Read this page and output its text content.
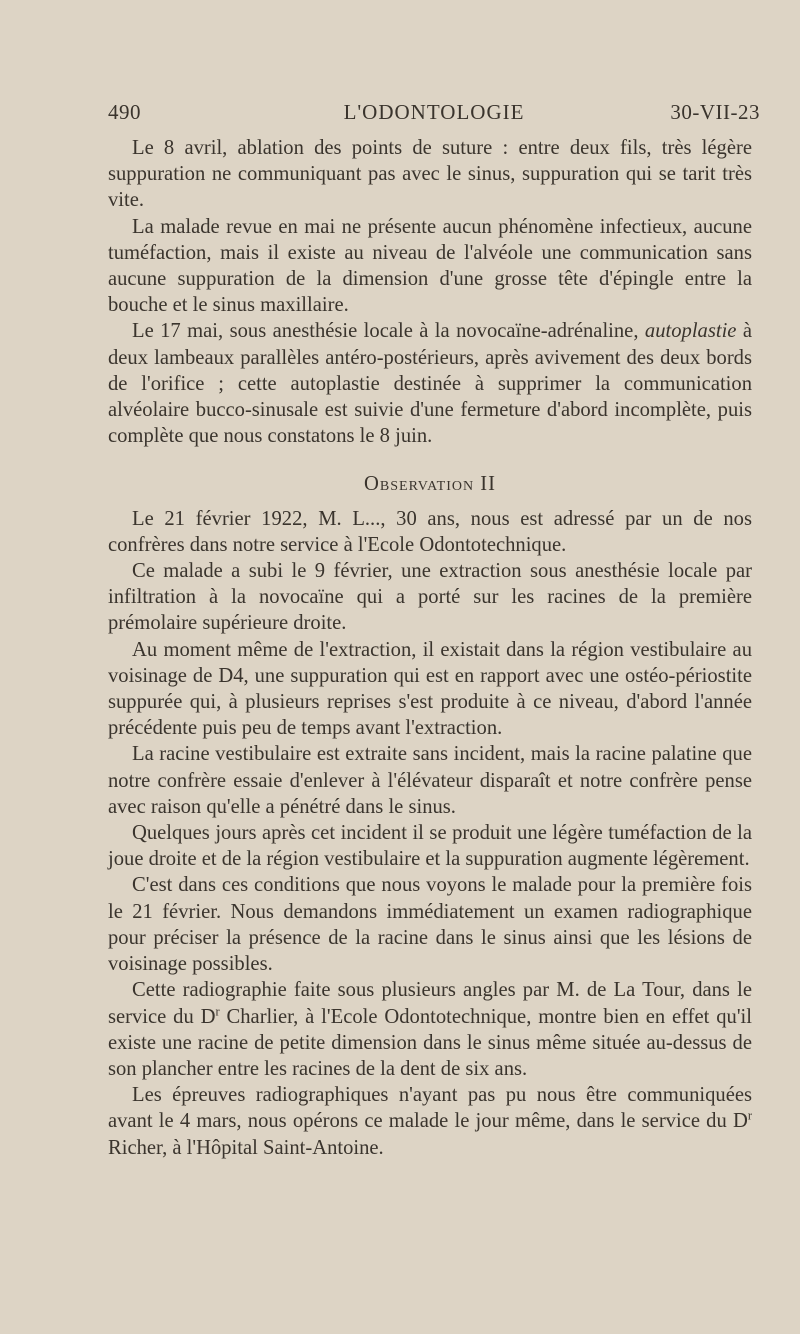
490	L'ODONTOLOGIE	30-VII-23

Le 8 avril, ablation des points de suture : entre deux fils, très légère suppuration ne communiquant pas avec le sinus, suppuration qui se tarit très vite.

La malade revue en mai ne présente aucun phénomène infectieux, aucune tuméfaction, mais il existe au niveau de l'alvéole une communication sans aucune suppuration de la dimension d'une grosse tête d'épingle entre la bouche et le sinus maxillaire.

Le 17 mai, sous anesthésie locale à la novocaïne-adrénaline, autoplastie à deux lambeaux parallèles antéro-postérieurs, après avivement des deux bords de l'orifice ; cette autoplastie destinée à supprimer la communication alvéolaire bucco-sinusale est suivie d'une fermeture d'abord incomplète, puis complète que nous constatons le 8 juin.

Observation II

Le 21 février 1922, M. L..., 30 ans, nous est adressé par un de nos confrères dans notre service à l'Ecole Odontotechnique.

Ce malade a subi le 9 février, une extraction sous anesthésie locale par infiltration à la novocaïne qui a porté sur les racines de la première prémolaire supérieure droite.

Au moment même de l'extraction, il existait dans la région vestibulaire au voisinage de D4, une suppuration qui est en rapport avec une ostéo-périostite suppurée qui, à plusieurs reprises s'est produite à ce niveau, d'abord l'année précédente puis peu de temps avant l'extraction.

La racine vestibulaire est extraite sans incident, mais la racine palatine que notre confrère essaie d'enlever à l'élévateur disparaît et notre confrère pense avec raison qu'elle a pénétré dans le sinus.

Quelques jours après cet incident il se produit une légère tuméfaction de la joue droite et de la région vestibulaire et la suppuration augmente légèrement.

C'est dans ces conditions que nous voyons le malade pour la première fois le 21 février. Nous demandons immédiatement un examen radiographique pour préciser la présence de la racine dans le sinus ainsi que les lésions de voisinage possibles.

Cette radiographie faite sous plusieurs angles par M. de La Tour, dans le service du $D^r$ Charlier, à l'Ecole Odontotechnique, montre bien en effet qu'il existe une racine de petite dimension dans le sinus même située au-dessus de son plancher entre les racines de la dent de six ans.

Les épreuves radiographiques n'ayant pas pu nous être communiquées avant le 4 mars, nous opérons ce malade le jour même, dans le service du $D^r$ Richer, à l'Hôpital Saint-Antoine.
